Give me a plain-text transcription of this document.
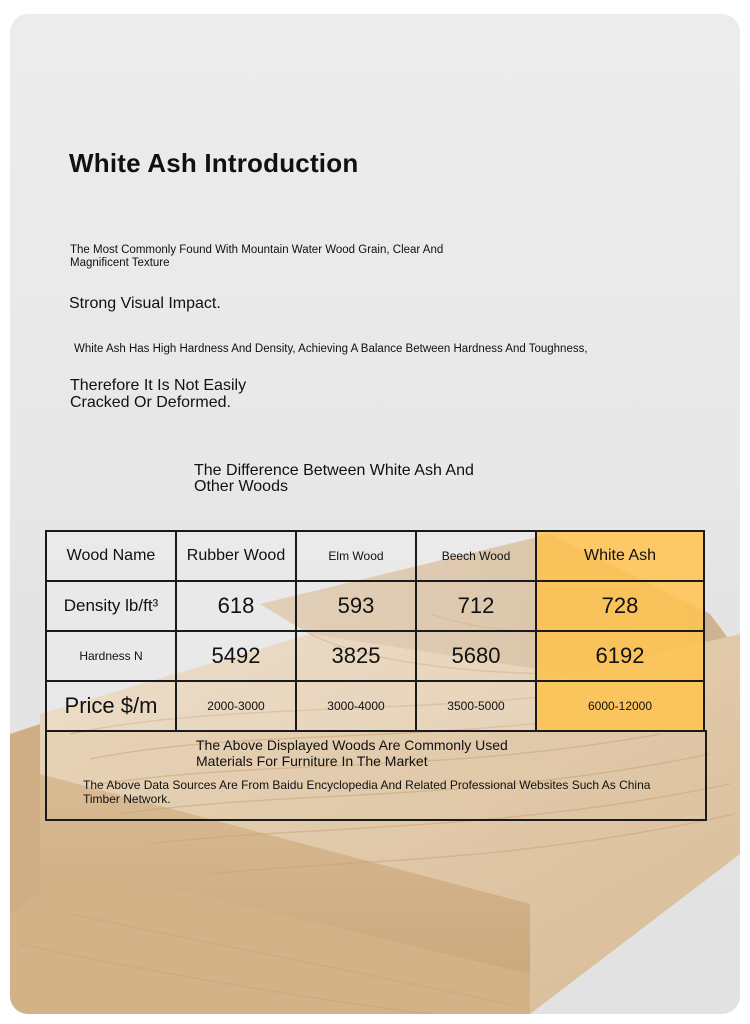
White Ash Introduction

The Most Commonly Found With Mountain Water Wood Grain, Clear And Magnificent Texture

Strong Visual Impact.

White Ash Has High Hardness And Density, Achieving A Balance Between Hardness And Toughness,

Therefore It Is Not Easily Cracked Or Deformed.

The Difference Between White Ash And Other Woods

Wood Name	Rubber Wood	Elm Wood	Beech Wood	White Ash

Density lb/ft³	618	593	712	728

Hardness N	5492	3825	5680	6192

Price $/m	2000-3000	3000-4000	3500-5000	6000-12000

The Above Displayed Woods Are Commonly Used Materials For Furniture In The Market

The Above Data Sources Are From Baidu Encyclopedia And Related Professional Websites Such As China Timber Network.
